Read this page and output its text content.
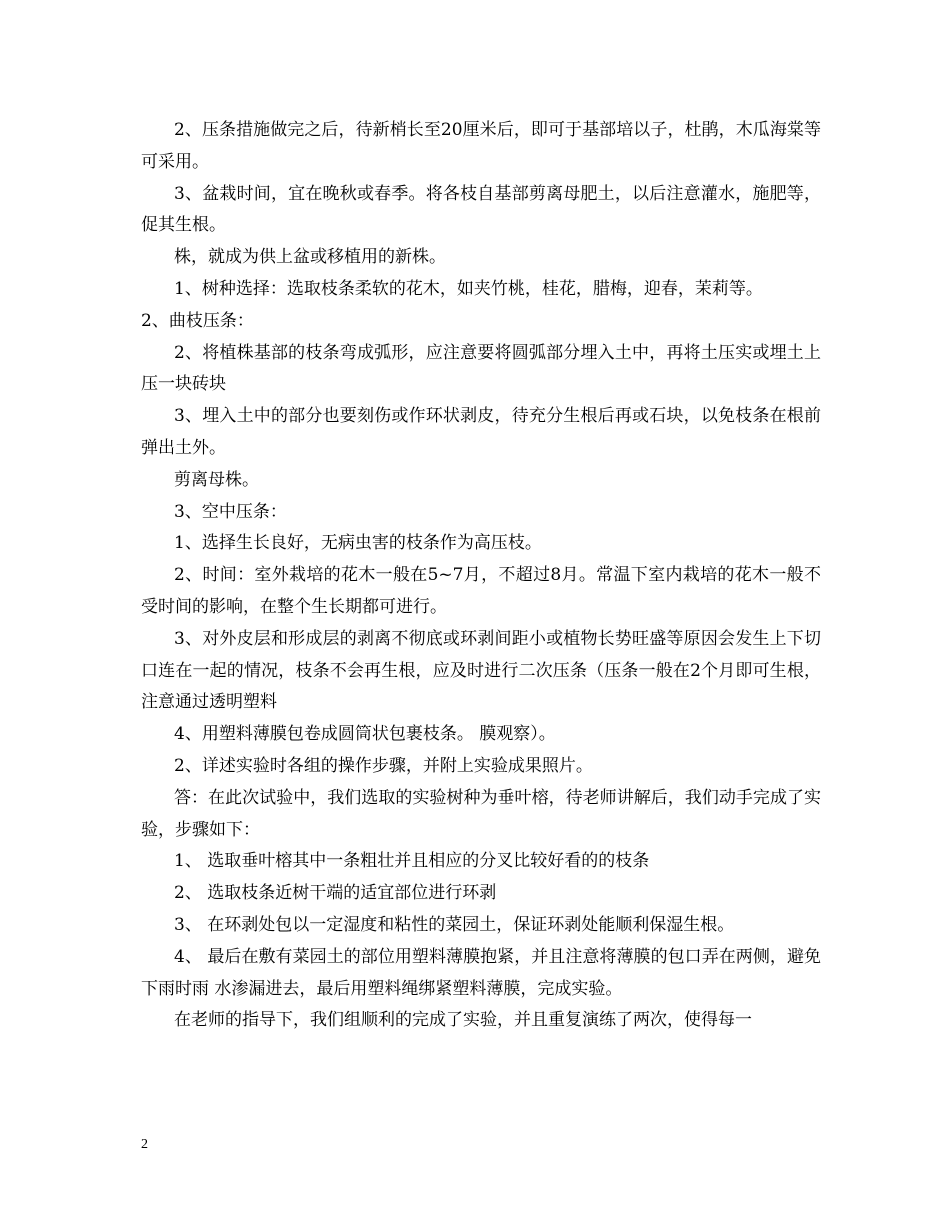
2、压条措施做完之后，待新梢长至20厘米后，即可于基部培以子，杜鹃，木瓜海棠等可采用。

3、盆栽时间，宜在晚秋或春季。将各枝自基部剪离母肥土，以后注意灌水，施肥等，促其生根。

株，就成为供上盆或移植用的新株。

1、树种选择：选取枝条柔软的花木，如夹竹桃，桂花，腊梅，迎春，茉莉等。

2、曲枝压条：

2、将植株基部的枝条弯成弧形，应注意要将圆弧部分埋入土中，再将土压实或埋土上压一块砖块

3、埋入土中的部分也要刻伤或作环状剥皮，待充分生根后再或石块，以免枝条在根前弹出土外。

剪离母株。

3、空中压条：

1、选择生长良好，无病虫害的枝条作为高压枝。

2、时间：室外栽培的花木一般在5~7月，不超过8月。常温下室内栽培的花木一般不受时间的影响，在整个生长期都可进行。

3、对外皮层和形成层的剥离不彻底或环剥间距小或植物长势旺盛等原因会发生上下切口连在一起的情况，枝条不会再生根，应及时进行二次压条（压条一般在2个月即可生根，注意通过透明塑料

4、用塑料薄膜包卷成圆筒状包裹枝条。 膜观察）。

2、详述实验时各组的操作步骤，并附上实验成果照片。

答：在此次试验中，我们选取的实验树种为垂叶榕，待老师讲解后，我们动手完成了实验，步骤如下：

1、 选取垂叶榕其中一条粗壮并且相应的分叉比较好看的的枝条

2、 选取枝条近树干端的适宜部位进行环剥

3、 在环剥处包以一定湿度和粘性的菜园土，保证环剥处能顺利保湿生根。

4、 最后在敷有菜园土的部位用塑料薄膜抱紧，并且注意将薄膜的包口弄在两侧，避免下雨时雨 水渗漏进去，最后用塑料绳绑紧塑料薄膜，完成实验。

在老师的指导下，我们组顺利的完成了实验，并且重复演练了两次，使得每一

2
